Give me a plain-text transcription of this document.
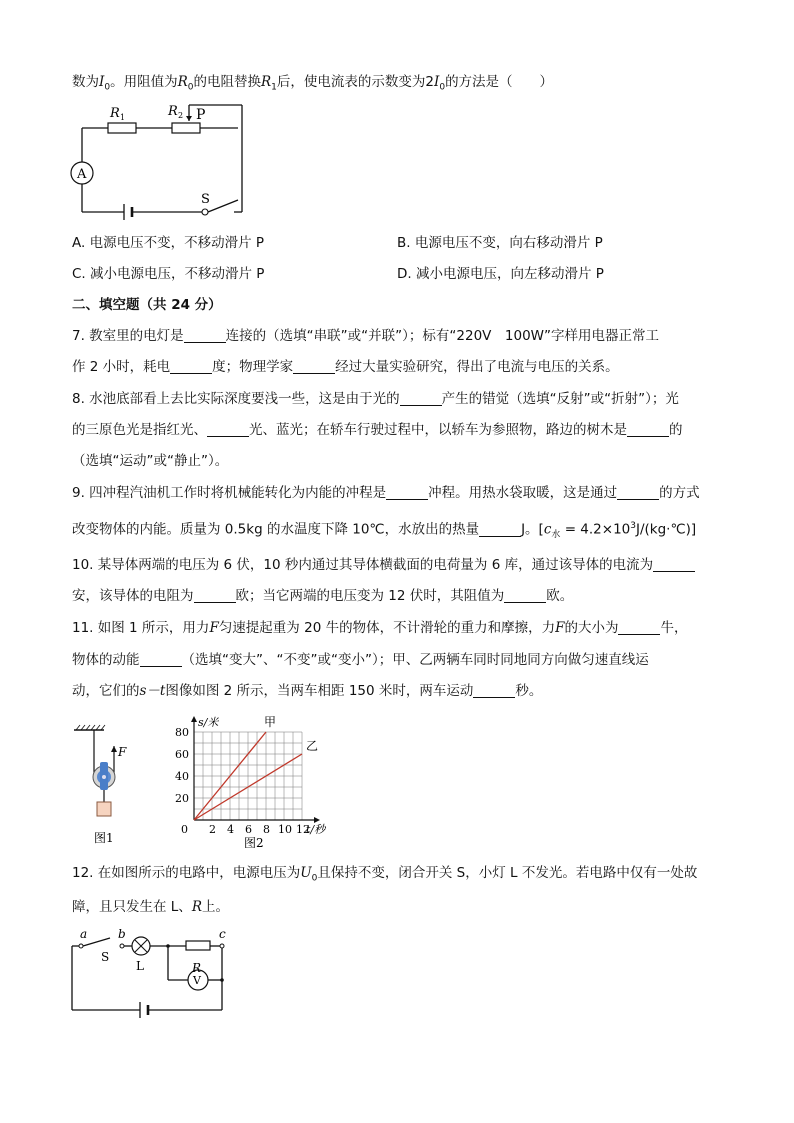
数为$I_0$。用阻值为$R_0$的电阻替换$R_1$后，使电流表的示数变为$2I_0$的方法是（　　）
A
R 1	R 2 P
S
A. 电源电压不变，不移动滑片 P	B. 电源电压不变，向右移动滑片 P
C. 减小电源电压，不移动滑片 P	D. 减小电源电压，向左移动滑片 P
二、填空题（共 24 分）
7. 教室里的电灯是	连接的（选填“串联”或“并联”）；标有“220V　100W”字样用电器正常工
作 2 小时，耗电	度；物理学家	经过大量实验研究，得出了电流与电压的关系。
8. 水池底部看上去比实际深度要浅一些，这是由于光的	产生的错觉（选填“反射”或“折射”）；光
的三原色光是指红光、	光、蓝光；在轿车行驶过程中，以轿车为参照物，路边的树木是	的
（选填“运动”或“静止”）。
9. 四冲程汽油机工作时将机械能转化为内能的冲程是	冲程。用热水袋取暖，这是通过	的方式
改变物体的内能。质量为 0.5kg 的水温度下降 10℃，水放出的热量	J。[$c_水$ = $4.2\times 10^3J/(kg\cdot℃)$]
10. 某导体两端的电压为 6 伏，10 秒内通过其导体横截面的电荷量为 6 库，通过该导体的电流为
安，该导体的电阻为	欧；当它两端的电压变为 12 伏时，其阻值为	欧。
11. 如图 1 所示，用力F匀速提起重为 20 牛的物体，不计滑轮的重力和摩擦，力F的大小为	牛，
物体的动能	（选填“变大”、“不变”或“变小”）；甲、乙两辆车同时同地同方向做匀速直线运
动，它们的s－t图像如图 2 所示，当两车相距 150 米时，两车运动	秒。
F
图1
2 4 6 8 10 12
20
40
60
80
0
s/米
t/秒
甲
乙
图2
12. 在如图所示的电路中，电源电压为$U_0$且保持不变，闭合开关 S，小灯 L 不发光。若电路中仅有一处故
障，且只发生在 L、R上。
a	b	c
S
L	R
V
